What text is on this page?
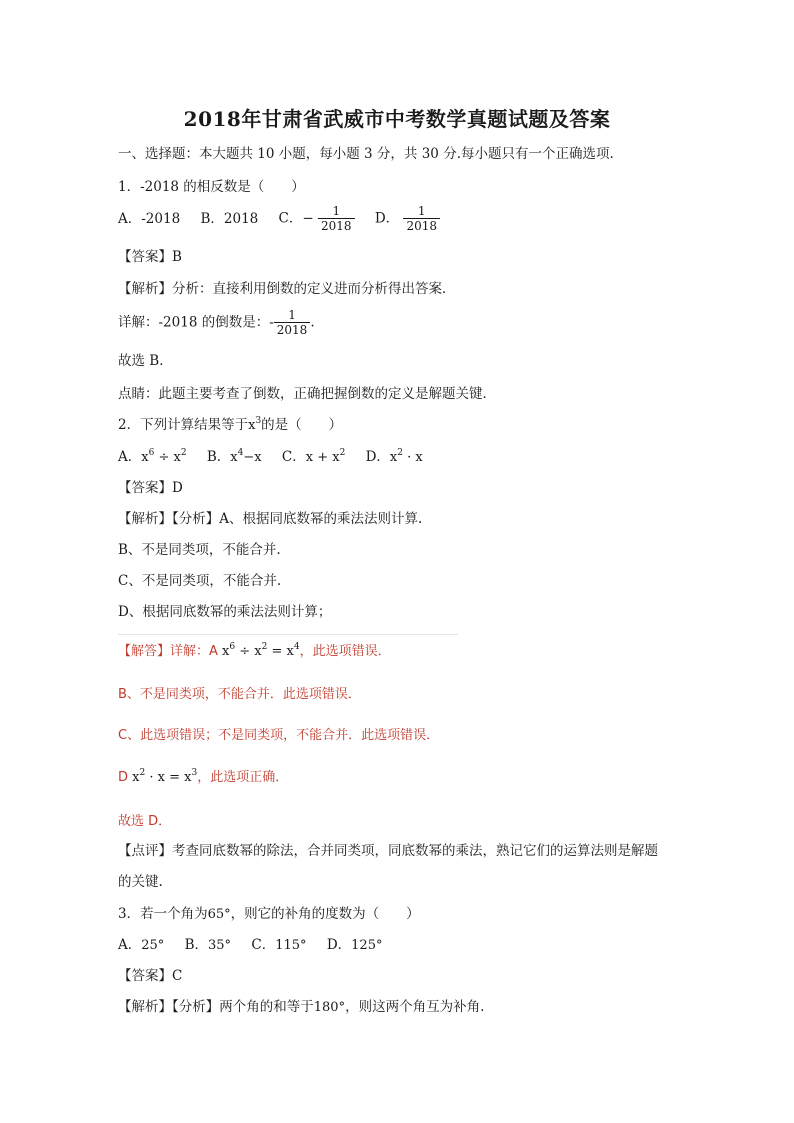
2018年甘肃省武威市中考数学真题试题及答案
一、选择题：本大题共 10 小题，每小题 3 分，共 30 分.每小题只有一个正确选项.
1．-2018 的相反数是（　　）
A．-2018 B．2018 C．− $\frac{1}{2018}$ D． $\frac{1}{2018}$
【答案】B
【解析】分析：直接利用倒数的定义进而分析得出答案．
详解：-2018 的倒数是：- $\frac{1}{2018}$ .
故选 B．
点睛：此题主要考查了倒数，正确把握倒数的定义是解题关键．
2．下列计算结果等于$x^3$的是（　　）
A．$x^6 \div x^2$ B．$x^4-x$ C．$x + x^2$ D．$x^2 \cdot x$
【答案】D
【解析】【分析】A、根据同底数幂的乘法法则计算.
B、不是同类项，不能合并.
C、不是同类项，不能合并.
D、根据同底数幂的乘法法则计算；
【解答】详解：A $x^6 \div x^2 = x^4$，此选项错误．
B、不是同类项，不能合并．此选项错误．
C、此选项错误；不是同类项，不能合并．此选项错误．
D $x^2 \cdot x = x^3$，此选项正确．
故选 D．
【点评】考查同底数幂的除法，合并同类项，同底数幂的乘法，熟记它们的运算法则是解题
的关键.
3．若一个角为65°，则它的补角的度数为（　　）
A．25° B．35° C．115° D．125°
【答案】C
【解析】【分析】两个角的和等于180°，则这两个角互为补角.
